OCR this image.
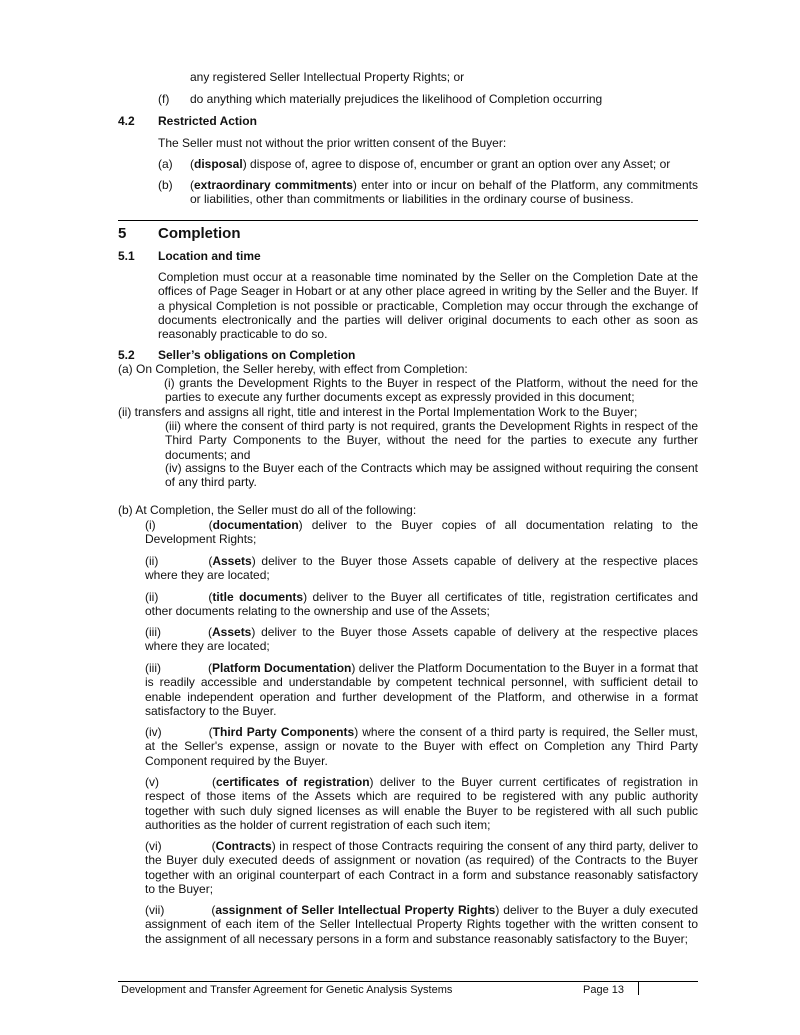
any registered Seller Intellectual Property Rights; or
(f) do anything which materially prejudices the likelihood of Completion occurring
4.2 Restricted Action
The Seller must not without the prior written consent of the Buyer:
(a) (disposal) dispose of, agree to dispose of, encumber or grant an option over any Asset; or
(b) (extraordinary commitments) enter into or incur on behalf of the Platform, any commitments or liabilities, other than commitments or liabilities in the ordinary course of business.
5 Completion
5.1 Location and time
Completion must occur at a reasonable time nominated by the Seller on the Completion Date at the offices of Page Seager in Hobart or at any other place agreed in writing by the Seller and the Buyer. If a physical Completion is not possible or practicable, Completion may occur through the exchange of documents electronically and the parties will deliver original documents to each other as soon as reasonably practicable to do so.
5.2 Seller’s obligations on Completion
(a) On Completion, the Seller hereby, with effect from Completion:
(i) grants the Development Rights to the Buyer in respect of the Platform, without the need for the parties to execute any further documents except as expressly provided in this document;
(ii) transfers and assigns all right, title and interest in the Portal Implementation Work to the Buyer;
(iii) where the consent of third party is not required, grants the Development Rights in respect of the Third Party Components to the Buyer, without the need for the parties to execute any further documents; and
(iv) assigns to the Buyer each of the Contracts which may be assigned without requiring the consent of any third party.
(b) At Completion, the Seller must do all of the following:
(i)	(documentation) deliver to the Buyer copies of all documentation relating to the Development Rights;
(ii)	(Assets) deliver to the Buyer those Assets capable of delivery at the respective places where they are located;
(ii)	(title documents) deliver to the Buyer all certificates of title, registration certificates and other documents relating to the ownership and use of the Assets;
(iii)	(Assets) deliver to the Buyer those Assets capable of delivery at the respective places where they are located;
(iii)	(Platform Documentation) deliver the Platform Documentation to the Buyer in a format that is readily accessible and understandable by competent technical personnel, with sufficient detail to enable independent operation and further development of the Platform, and otherwise in a format satisfactory to the Buyer.
(iv)	(Third Party Components) where the consent of a third party is required, the Seller must, at the Seller's expense, assign or novate to the Buyer with effect on Completion any Third Party Component required by the Buyer.
(v)	(certificates of registration) deliver to the Buyer current certificates of registration in respect of those items of the Assets which are required to be registered with any public authority together with such duly signed licenses as will enable the Buyer to be registered with all such public authorities as the holder of current registration of each such item;
(vi)	(Contracts) in respect of those Contracts requiring the consent of any third party, deliver to the Buyer duly executed deeds of assignment or novation (as required) of the Contracts to the Buyer together with an original counterpart of each Contract in a form and substance reasonably satisfactory to the Buyer;
(vii)	(assignment of Seller Intellectual Property Rights) deliver to the Buyer a duly executed assignment of each item of the Seller Intellectual Property Rights together with the written consent to the assignment of all necessary persons in a form and substance reasonably satisfactory to the Buyer;
Development and Transfer Agreement for Genetic Analysis Systems	Page 13
